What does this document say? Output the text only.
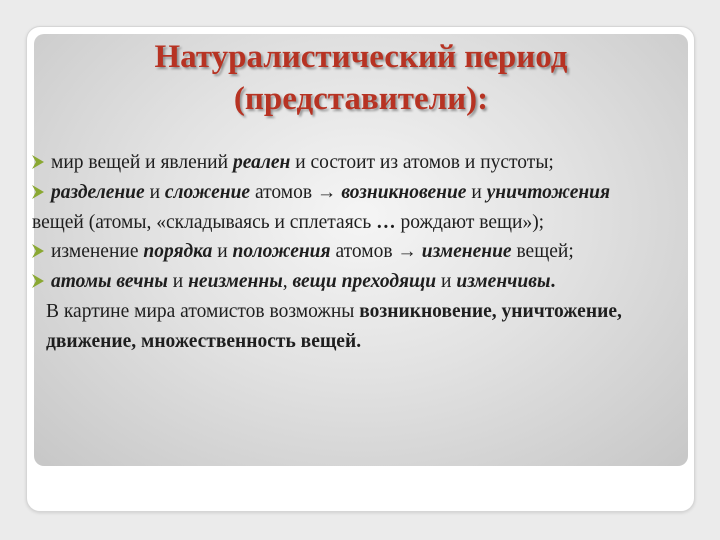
Натуралистический период
(представители):

мир вещей и явлений реален и состоит из атомов и пустоты;

разделение и сложение атомов → возникновение и уничтожения вещей (атомы, «складываясь и сплетаясь … рождают вещи»);

изменение порядка и положения атомов → изменение вещей;

атомы вечны и неизменны, вещи преходящи и изменчивы.

В картине мира атомистов возможны возникновение, уничтожение, движение, множественность вещей.
